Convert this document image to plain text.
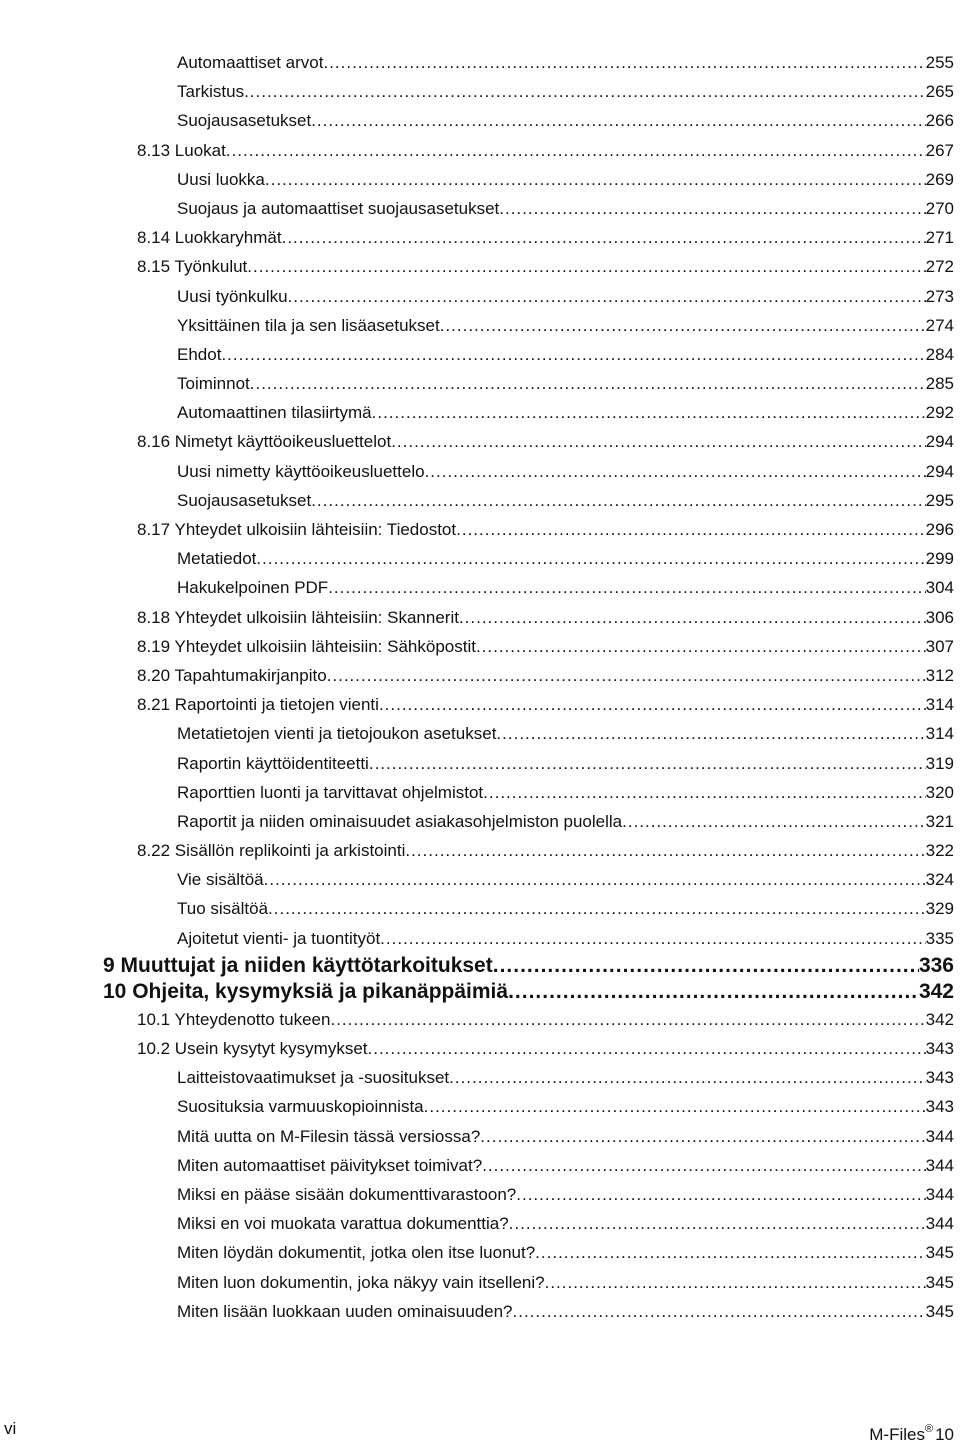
Automaattiset arvot .....	255
Tarkistus .....	265
Suojausasetukset .....	266
8.13 Luokat .....	267
Uusi luokka .....	269
Suojaus ja automaattiset suojausasetukset .....	270
8.14 Luokkaryhmät .....	271
8.15 Työnkulut .....	272
Uusi työnkulku .....	273
Yksittäinen tila ja sen lisäasetukset .....	274
Ehdot .....	284
Toiminnot .....	285
Automaattinen tilasiirtymä .....	292
8.16 Nimetyt käyttöoikeusluettelot .....	294
Uusi nimetty käyttöoikeusluettelo .....	294
Suojausasetukset .....	295
8.17 Yhteydet ulkoisiin lähteisiin: Tiedostot .....	296
Metatiedot .....	299
Hakukelpoinen PDF .....	304
8.18 Yhteydet ulkoisiin lähteisiin: Skannerit .....	306
8.19 Yhteydet ulkoisiin lähteisiin: Sähköpostit .....	307
8.20 Tapahtumakirjanpito .....	312
8.21 Raportointi ja tietojen vienti .....	314
Metatietojen vienti ja tietojoukon asetukset .....	314
Raportin käyttöidentiteetti .....	319
Raporttien luonti ja tarvittavat ohjelmistot .....	320
Raportit ja niiden ominaisuudet asiakasohjelmiston puolella .....	321
8.22 Sisällön replikointi ja arkistointi .....	322
Vie sisältöä .....	324
Tuo sisältöä .....	329
Ajoitetut vienti- ja tuontityöt .....	335
9 Muuttujat ja niiden käyttötarkoitukset .....	336
10 Ohjeita, kysymyksiä ja pikanäppäimiä .....	342
10.1 Yhteydenotto tukeen .....	342
10.2 Usein kysytyt kysymykset .....	343
Laitteistovaatimukset ja -suositukset .....	343
Suosituksia varmuuskopioinnista .....	343
Mitä uutta on M-Filesin tässä versiossa? .....	344
Miten automaattiset päivitykset toimivat? .....	344
Miksi en pääse sisään dokumenttivarastoon? .....	344
Miksi en voi muokata varattua dokumenttia? .....	344
Miten löydän dokumentit, jotka olen itse luonut? .....	345
Miten luon dokumentin, joka näkyy vain itselleni? .....	345
Miten lisään luokkaan uuden ominaisuuden? .....	345
vi	M-Files® 10
